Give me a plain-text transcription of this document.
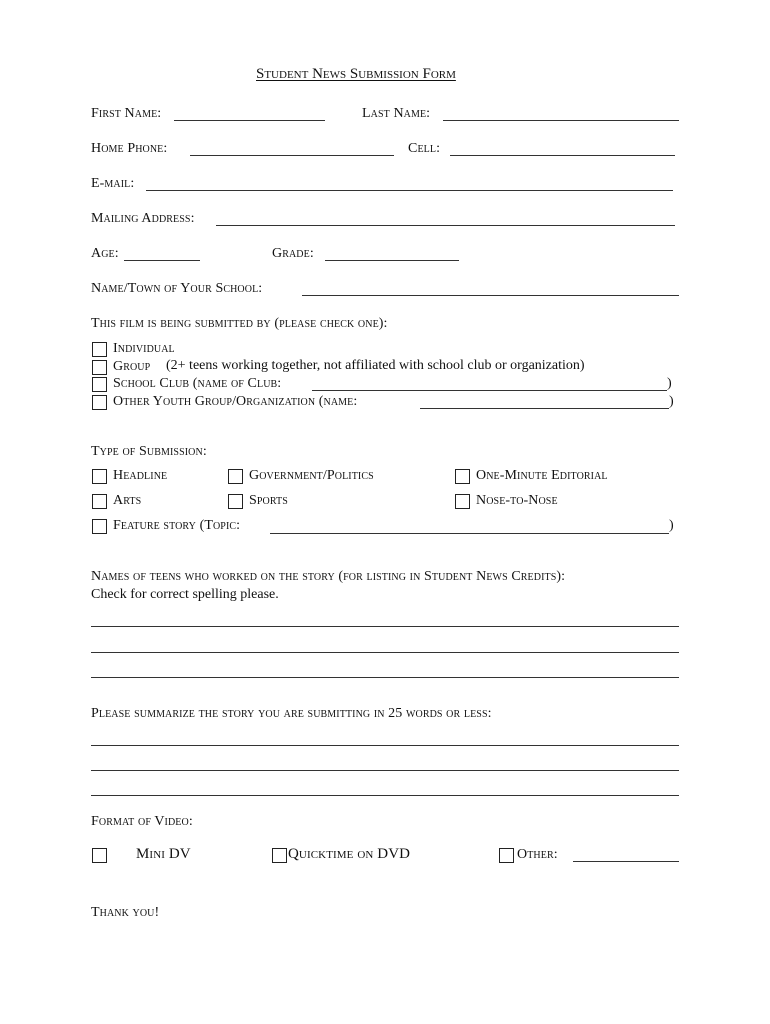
Student News Submission Form
First Name:	Last Name:
Home Phone:	Cell:
E-mail:
Mailing Address:
Age:	Grade:
Name/Town of Your School:
This film is being submitted by (please check one):
Individual
Group (2+ teens working together, not affiliated with school club or organization)
School Club (name of Club:	)
Other Youth Group/Organization (name:	)
Type of Submission:
Headline	Government/Politics	One-Minute Editorial
Arts	Sports	Nose-to-Nose
Feature story (Topic:	)
Names of teens who worked on the story (for listing in Student News Credits):
Check for correct spelling please.
Please summarize the story you are submitting in 25 words or less:
Format of Video:
Mini DV	Quicktime on DVD	Other:
Thank you!
